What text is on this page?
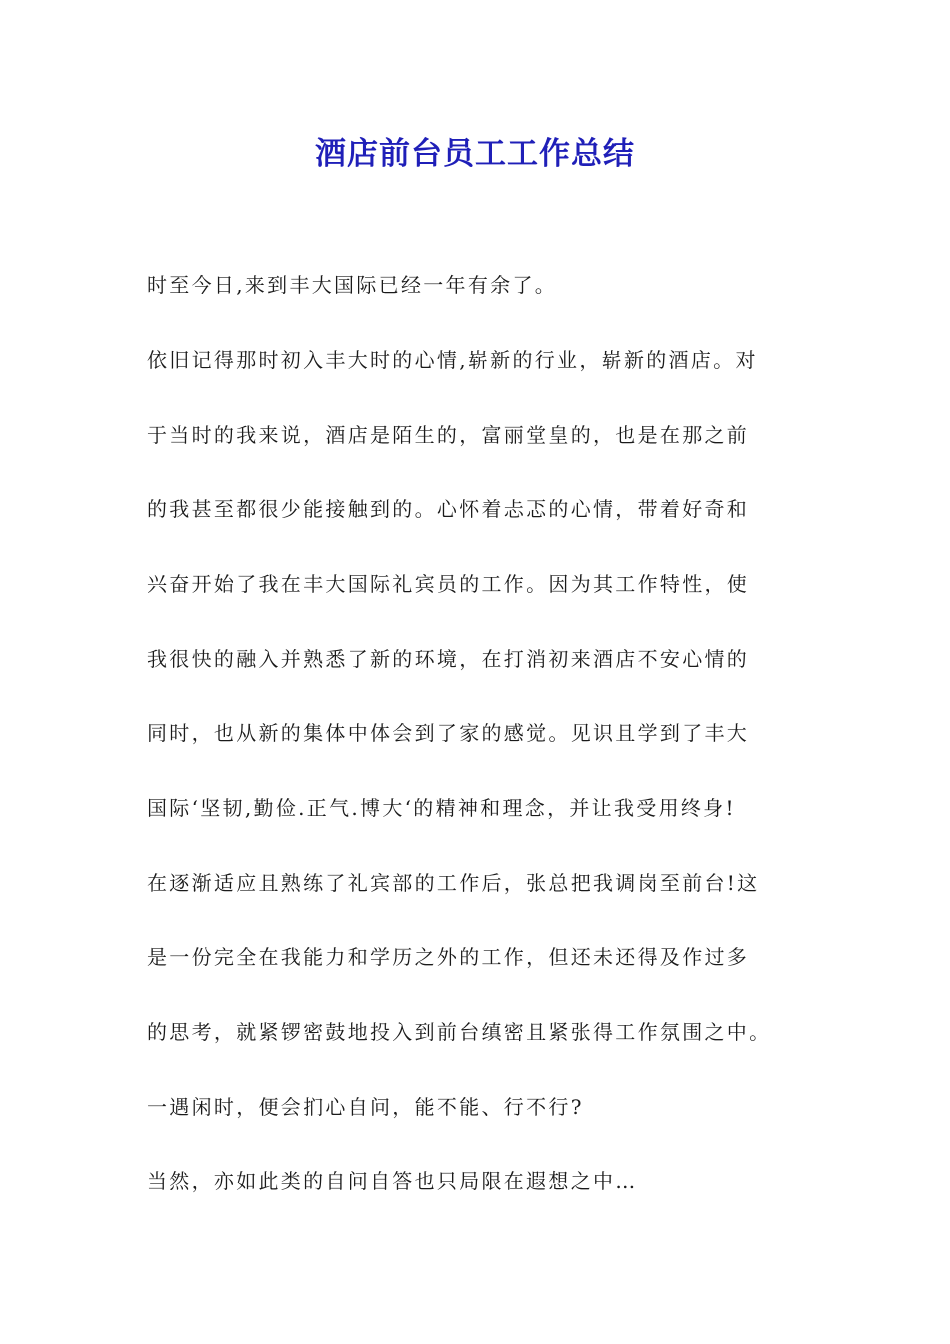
酒店前台员工工作总结

时至今日,来到丰大国际已经一年有余了。

依旧记得那时初入丰大时的心情,崭新的行业，崭新的酒店。对

于当时的我来说，酒店是陌生的，富丽堂皇的，也是在那之前

的我甚至都很少能接触到的。心怀着忐忑的心情，带着好奇和

兴奋开始了我在丰大国际礼宾员的工作。因为其工作特性，使

我很快的融入并熟悉了新的环境，在打消初来酒店不安心情的

同时，也从新的集体中体会到了家的感觉。见识且学到了丰大

国际‘坚韧,勤俭.正气.博大‘的精神和理念，并让我受用终身!

在逐渐适应且熟练了礼宾部的工作后，张总把我调岗至前台!这

是一份完全在我能力和学历之外的工作，但还未还得及作过多

的思考，就紧锣密鼓地投入到前台缜密且紧张得工作氛围之中。

一遇闲时，便会扪心自问，能不能、行不行?

当然，亦如此类的自问自答也只局限在遐想之中…
